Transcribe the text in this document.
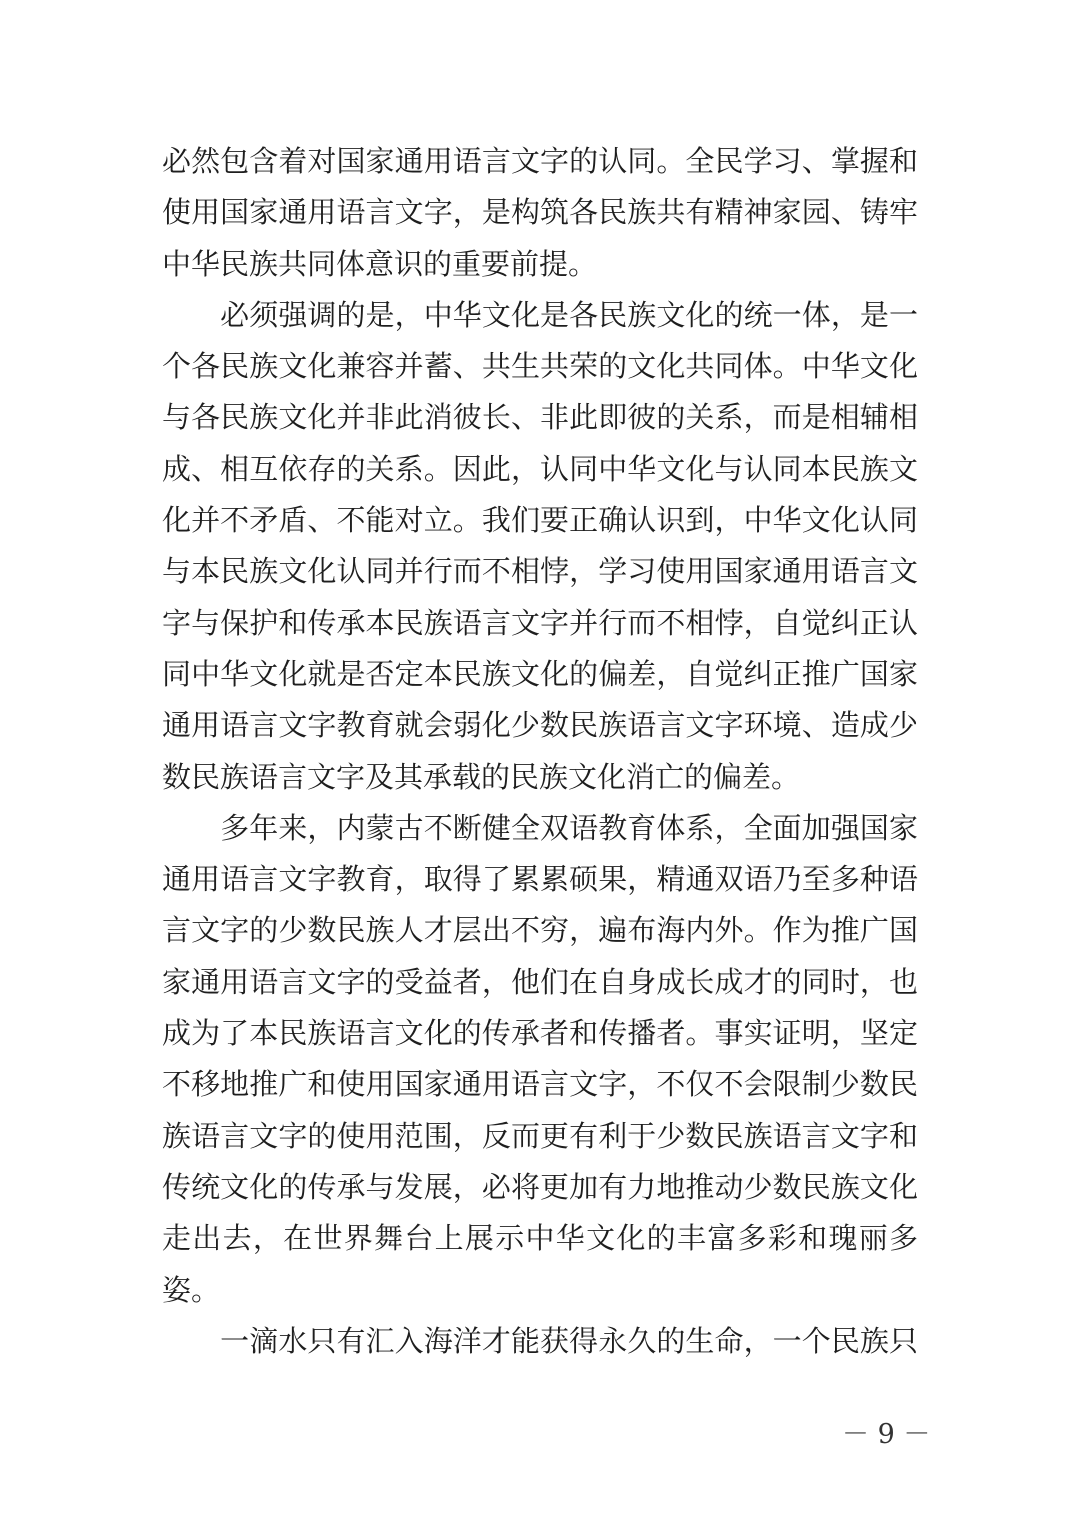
必然包含着对国家通用语言文字的认同。全民学习、掌握和
使用国家通用语言文字，是构筑各民族共有精神家园、铸牢
中华民族共同体意识的重要前提。
　　必须强调的是，中华文化是各民族文化的统一体，是一
个各民族文化兼容并蓄、共生共荣的文化共同体。中华文化
与各民族文化并非此消彼长、非此即彼的关系，而是相辅相
成、相互依存的关系。因此，认同中华文化与认同本民族文
化并不矛盾、不能对立。我们要正确认识到，中华文化认同
与本民族文化认同并行而不相悖，学习使用国家通用语言文
字与保护和传承本民族语言文字并行而不相悖，自觉纠正认
同中华文化就是否定本民族文化的偏差，自觉纠正推广国家
通用语言文字教育就会弱化少数民族语言文字环境、造成少
数民族语言文字及其承载的民族文化消亡的偏差。
　　多年来，内蒙古不断健全双语教育体系，全面加强国家
通用语言文字教育，取得了累累硕果，精通双语乃至多种语
言文字的少数民族人才层出不穷，遍布海内外。作为推广国
家通用语言文字的受益者，他们在自身成长成才的同时，也
成为了本民族语言文化的传承者和传播者。事实证明，坚定
不移地推广和使用国家通用语言文字，不仅不会限制少数民
族语言文字的使用范围，反而更有利于少数民族语言文字和
传统文化的传承与发展，必将更加有力地推动少数民族文化
走出去，在世界舞台上展示中华文化的丰富多彩和瑰丽多
姿。
　　一滴水只有汇入海洋才能获得永久的生命，一个民族只
－ 9 －
